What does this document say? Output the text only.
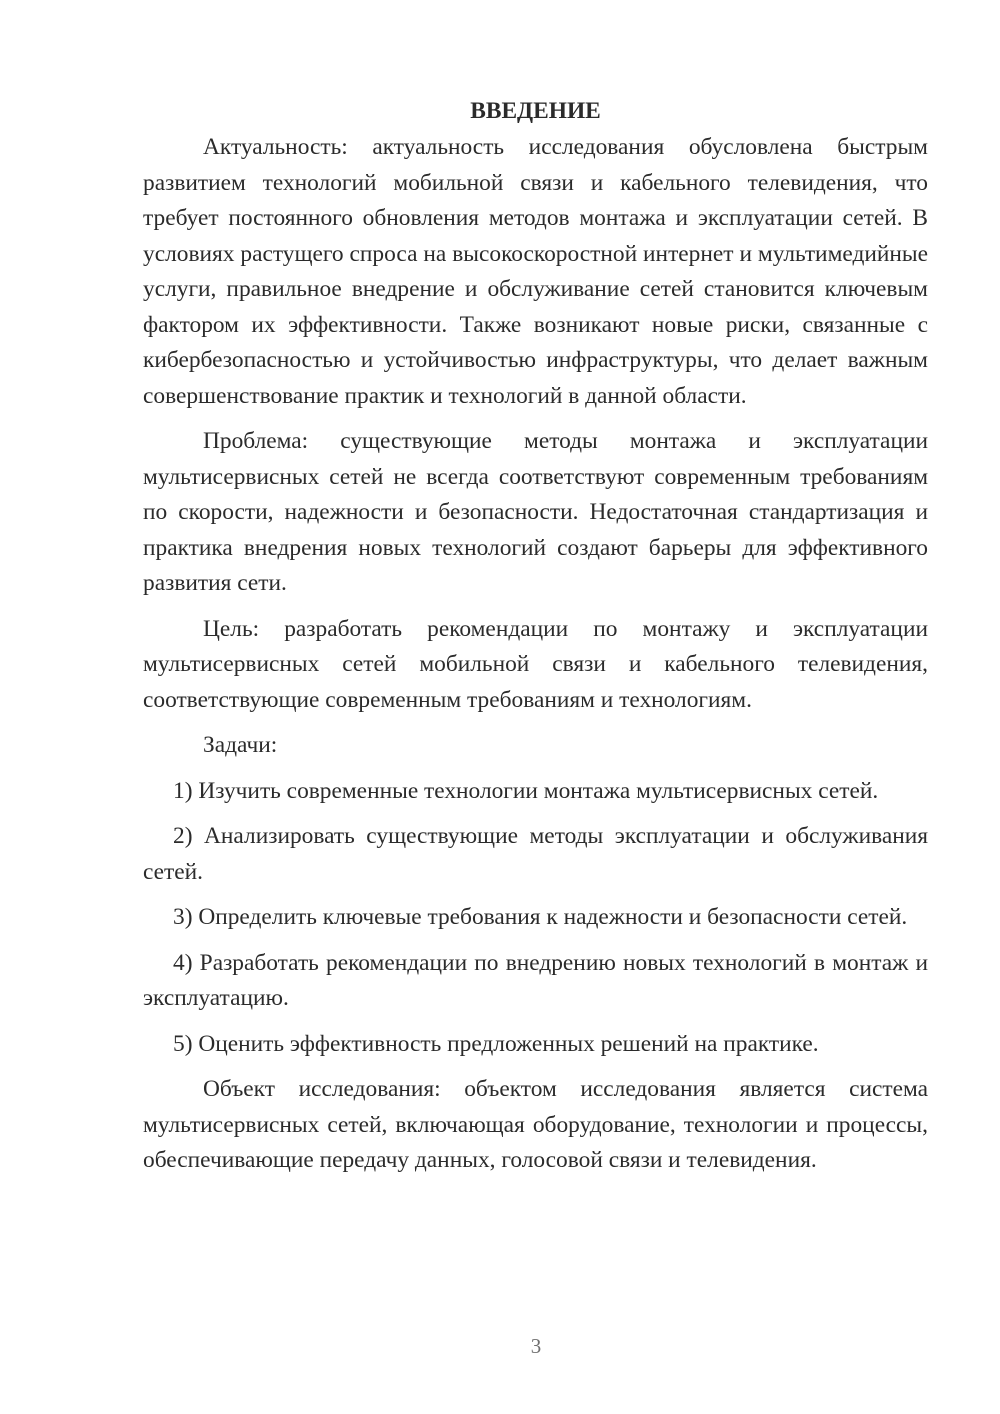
ВВЕДЕНИЕ

Актуальность: актуальность исследования обусловлена быстрым развитием технологий мобильной связи и кабельного телевидения, что требует постоянного обновления методов монтажа и эксплуатации сетей. В условиях растущего спроса на высокоскоростной интернет и мультимедийные услуги, правильное внедрение и обслуживание сетей становится ключевым фактором их эффективности. Также возникают новые риски, связанные с кибербезопасностью и устойчивостью инфраструктуры, что делает важным совершенствование практик и технологий в данной области.

Проблема: существующие методы монтажа и эксплуатации мультисервисных сетей не всегда соответствуют современным требованиям по скорости, надежности и безопасности. Недостаточная стандартизация и практика внедрения новых технологий создают барьеры для эффективного развития сети.

Цель: разработать рекомендации по монтажу и эксплуатации мультисервисных сетей мобильной связи и кабельного телевидения, соответствующие современным требованиям и технологиям.

Задачи:

1) Изучить современные технологии монтажа мультисервисных сетей.

2) Анализировать существующие методы эксплуатации и обслуживания сетей.

3) Определить ключевые требования к надежности и безопасности сетей.

4) Разработать рекомендации по внедрению новых технологий в монтаж и эксплуатацию.

5) Оценить эффективность предложенных решений на практике.

Объект исследования: объектом исследования является система мультисервисных сетей, включающая оборудование, технологии и процессы, обеспечивающие передачу данных, голосовой связи и телевидения.

3
